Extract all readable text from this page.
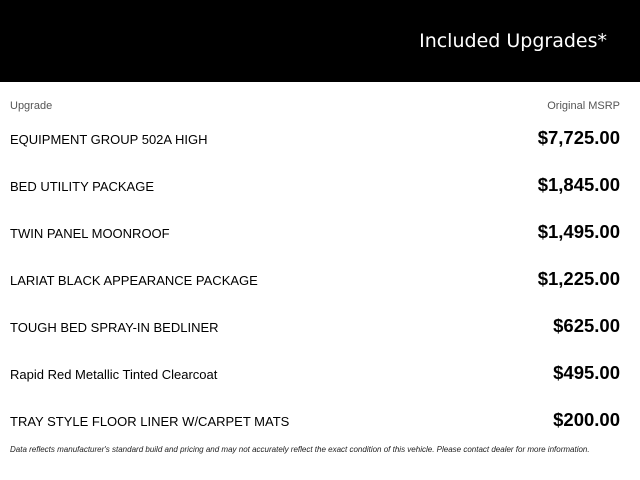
Included Upgrades*
Upgrade	Original MSRP
EQUIPMENT GROUP 502A HIGH	$7,725.00
BED UTILITY PACKAGE	$1,845.00
TWIN PANEL MOONROOF	$1,495.00
LARIAT BLACK APPEARANCE PACKAGE	$1,225.00
TOUGH BED SPRAY-IN BEDLINER	$625.00
Rapid Red Metallic Tinted Clearcoat	$495.00
TRAY STYLE FLOOR LINER W/CARPET MATS	$200.00
Data reflects manufacturer's standard build and pricing and may not accurately reflect the exact condition of this vehicle. Please contact dealer for more information.
